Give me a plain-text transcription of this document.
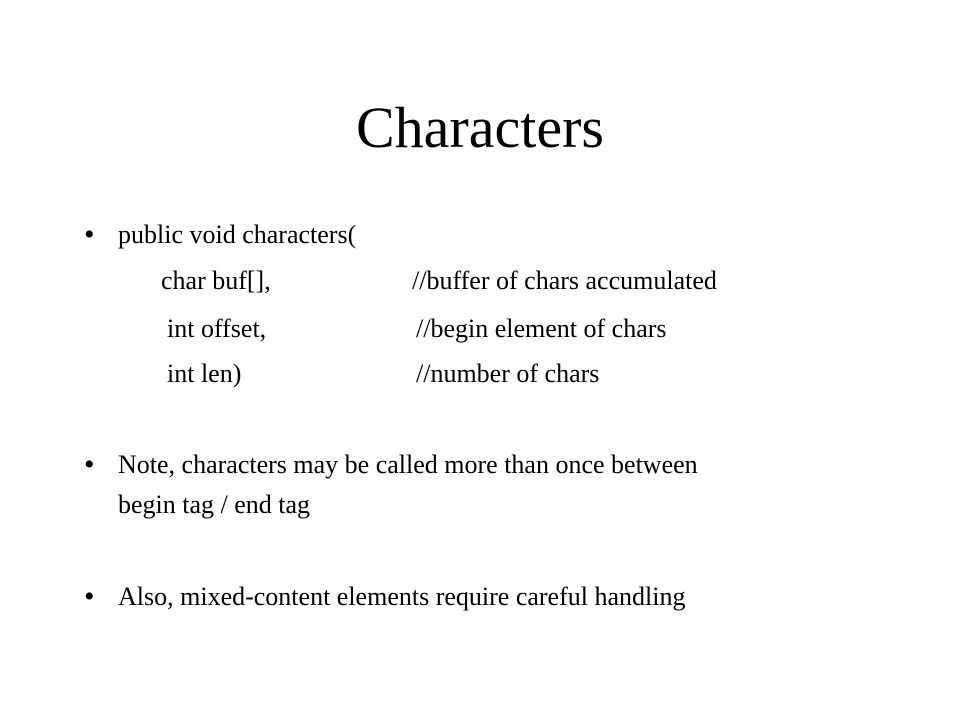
Characters
• public void characters(
char buf[],	//buffer of chars accumulated
int offset,	//begin element of chars
int len)	//number of chars
• Note, characters may be called more than once between
begin tag / end tag
• Also, mixed-content elements require careful handling
